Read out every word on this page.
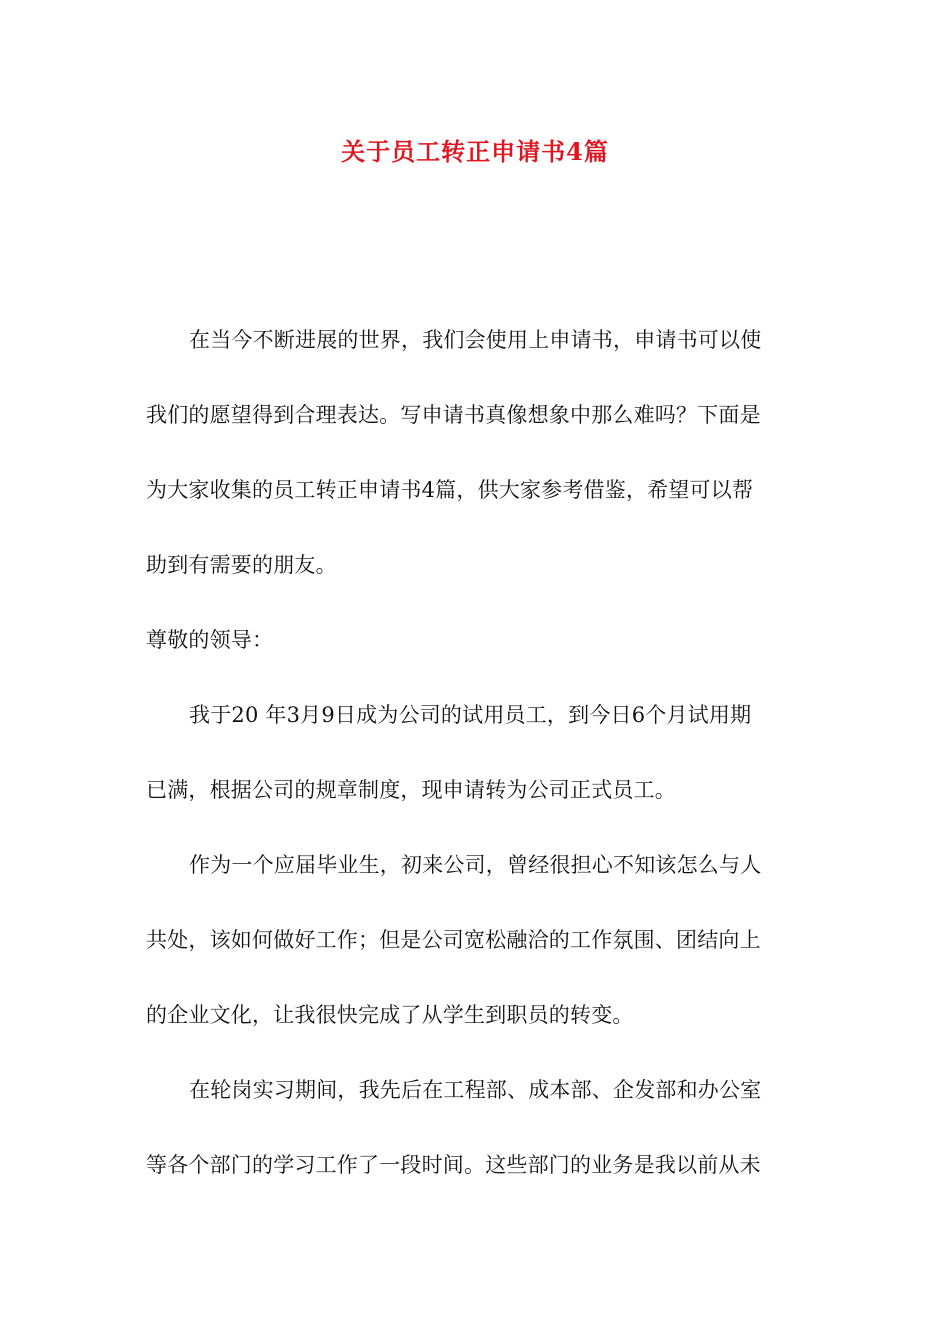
关于员工转正申请书4篇
在当今不断进展的世界，我们会使用上申请书，申请书可以使
我们的愿望得到合理表达。写申请书真像想象中那么难吗？下面是
为大家收集的员工转正申请书4篇，供大家参考借鉴，希望可以帮
助到有需要的朋友。
尊敬的领导：
我于20 年3月9日成为公司的试用员工，到今日6个月试用期
已满，根据公司的规章制度，现申请转为公司正式员工。
作为一个应届毕业生，初来公司，曾经很担心不知该怎么与人
共处，该如何做好工作；但是公司宽松融洽的工作氛围、团结向上
的企业文化，让我很快完成了从学生到职员的转变。
在轮岗实习期间，我先后在工程部、成本部、企发部和办公室
等各个部门的学习工作了一段时间。这些部门的业务是我以前从未
